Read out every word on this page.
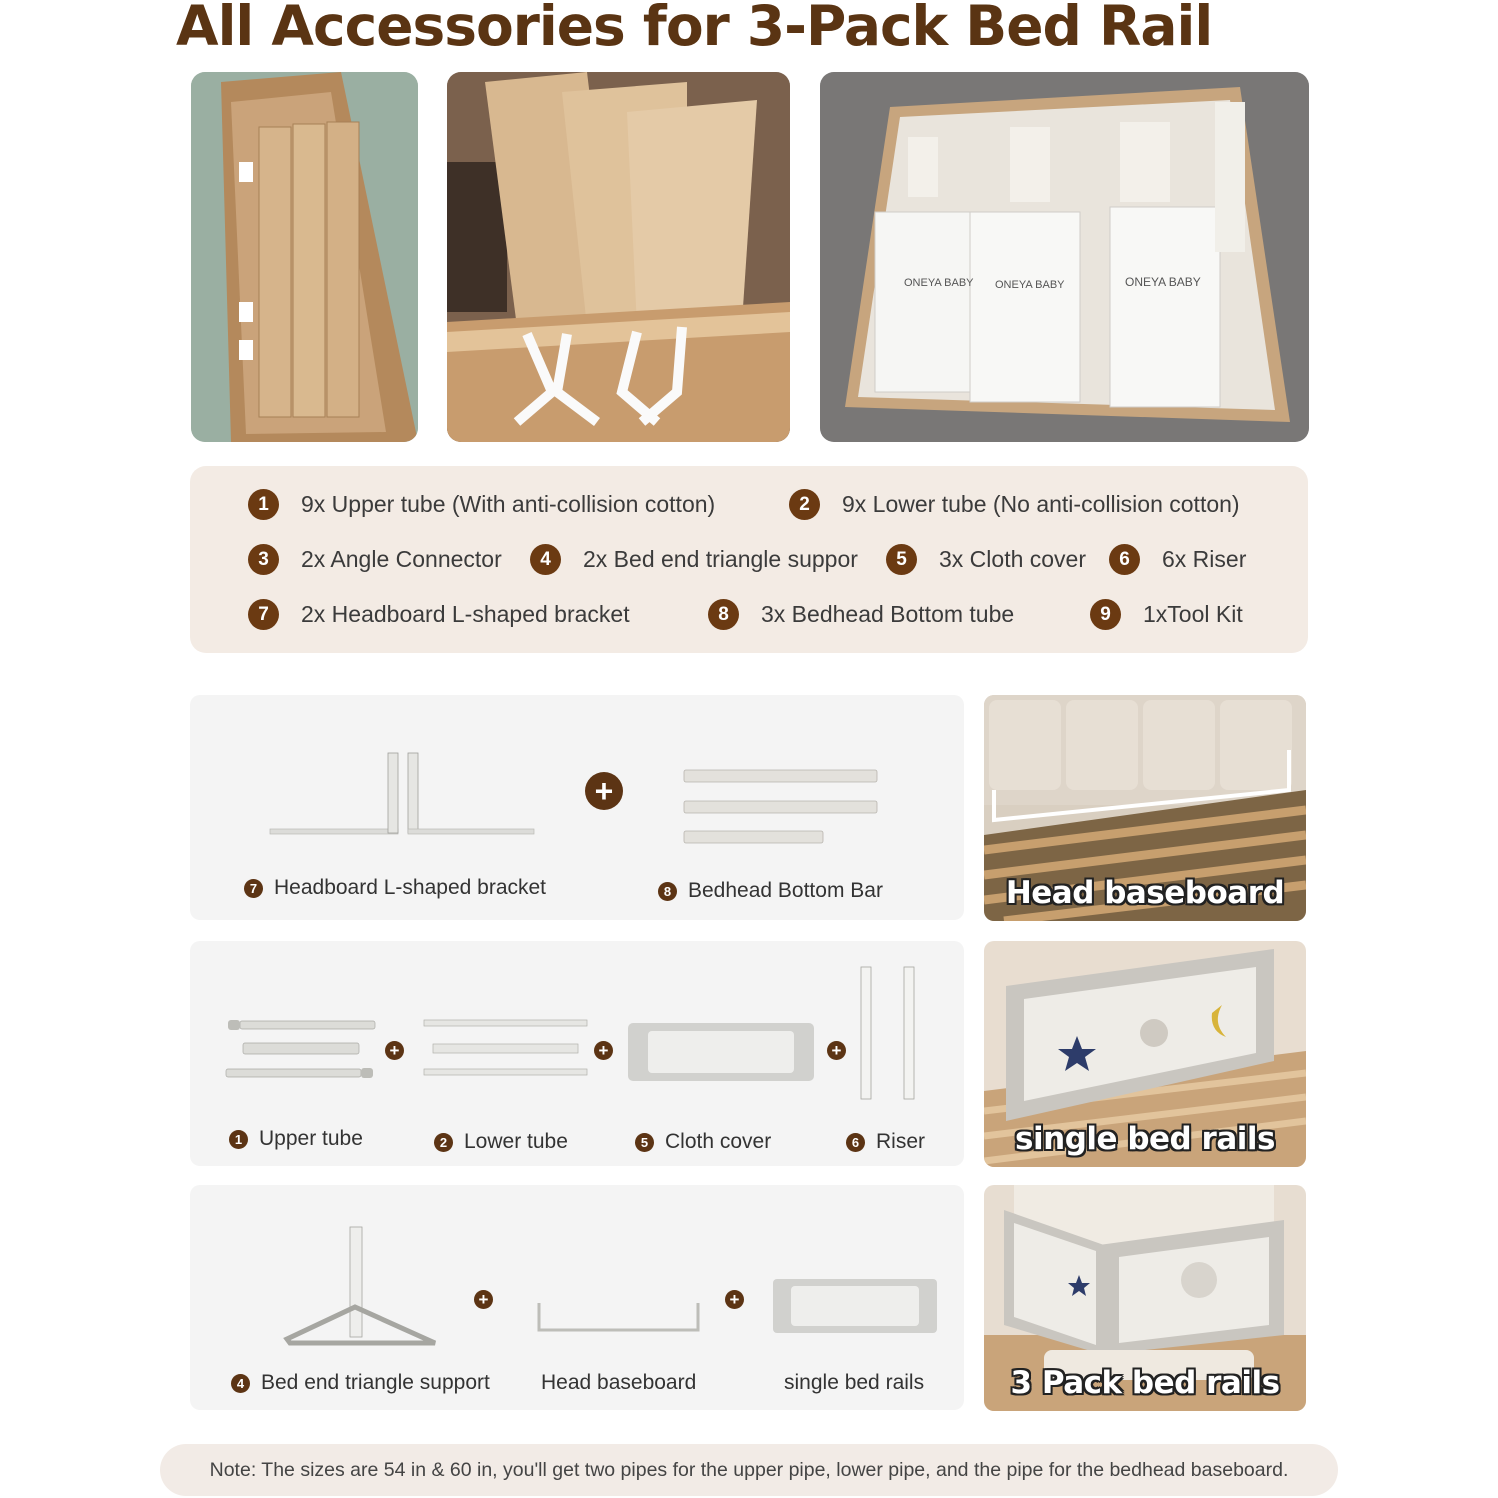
All Accessories for 3-Pack Bed Rail
ONEYA BABY ONEYA BABY	ONEYA BABY
1	9x Upper tube (With anti-collision cotton)	2	9x Lower tube (No anti-collision cotton)
3	2x Angle Connector	4	2x Bed end triangle suppor	5	3x Cloth cover	6	6x Riser
7	2x Headboard L-shaped bracket	8	3x Bedhead Bottom tube	9	1xTool Kit
+
7 Headboard L-shaped bracket	8 Bedhead Bottom Bar	Head baseboard
+	+	+
1 Upper tube	2 Lower tube	5 Cloth cover	6 Riser	single bed rails
+	+
4 Bed end triangle support Head baseboard	single bed rails	3 Pack bed rails
Note: The sizes are 54 in & 60 in, you'll get two pipes for the upper pipe, lower pipe, and the pipe for the bedhead baseboard.
